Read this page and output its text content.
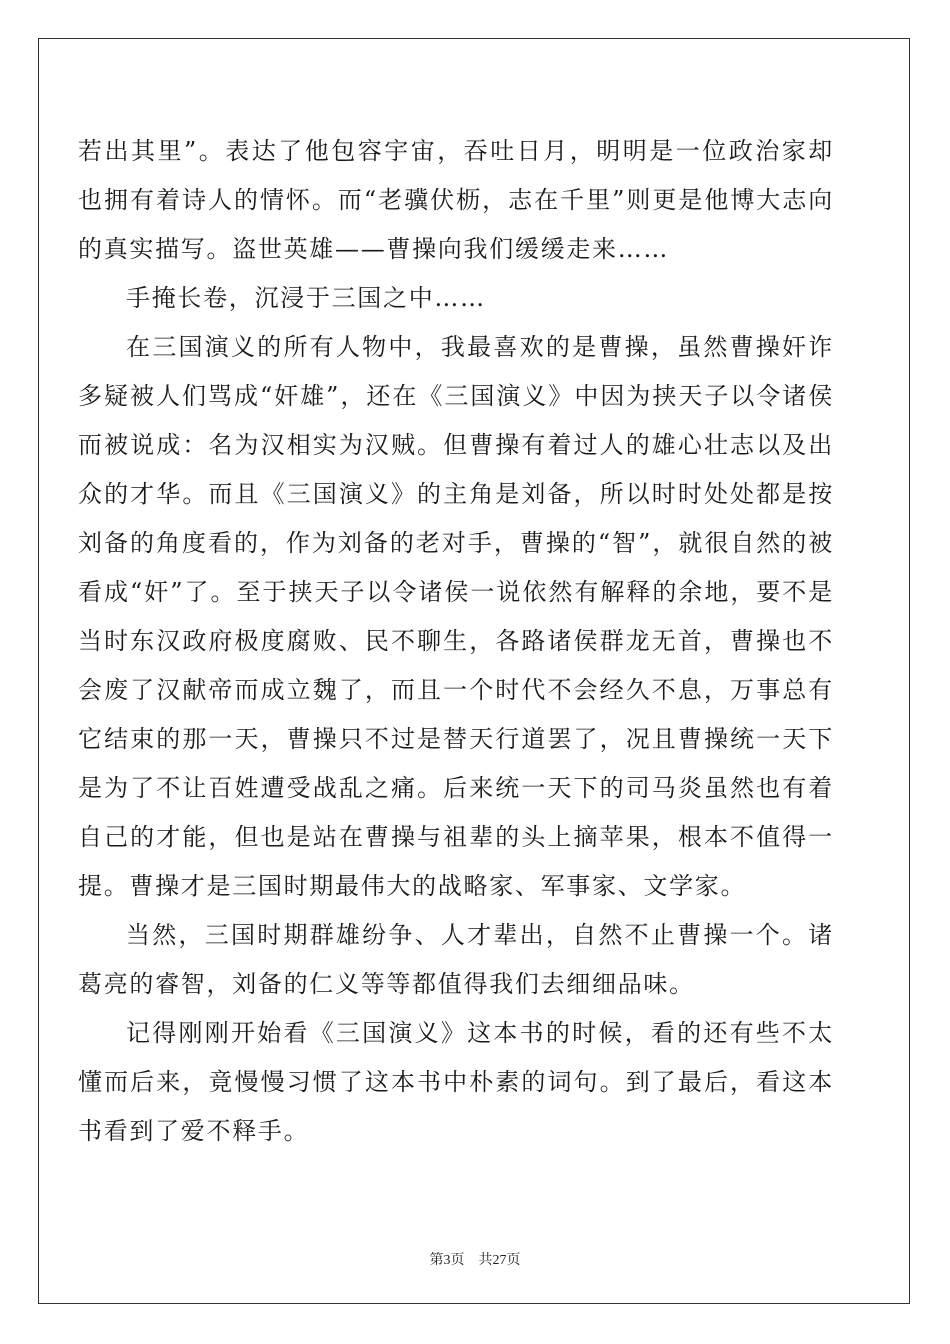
若出其里”。表达了他包容宇宙，吞吐日月，明明是一位政治家却也拥有着诗人的情怀。而“老骥伏枥，志在千里”则更是他博大志向的真实描写。盗世英雄——曹操向我们缓缓走来……

手掩长卷，沉浸于三国之中……

在三国演义的所有人物中，我最喜欢的是曹操，虽然曹操奸诈多疑被人们骂成“奸雄”，还在《三国演义》中因为挟天子以令诸侯而被说成：名为汉相实为汉贼。但曹操有着过人的雄心壮志以及出众的才华。而且《三国演义》的主角是刘备，所以时时处处都是按刘备的角度看的，作为刘备的老对手，曹操的“智”，就很自然的被看成“奸”了。至于挟天子以令诸侯一说依然有解释的余地，要不是当时东汉政府极度腐败、民不聊生，各路诸侯群龙无首，曹操也不会废了汉献帝而成立魏了，而且一个时代不会经久不息，万事总有它结束的那一天，曹操只不过是替天行道罢了，况且曹操统一天下是为了不让百姓遭受战乱之痛。后来统一天下的司马炎虽然也有着自己的才能，但也是站在曹操与祖辈的头上摘苹果，根本不值得一提。曹操才是三国时期最伟大的战略家、军事家、文学家。

当然，三国时期群雄纷争、人才辈出，自然不止曹操一个。诸葛亮的睿智，刘备的仁义等等都值得我们去细细品味。

记得刚刚开始看《三国演义》这本书的时候，看的还有些不太懂而后来，竟慢慢习惯了这本书中朴素的词句。到了最后，看这本书看到了爱不释手。

第3页 共27页
